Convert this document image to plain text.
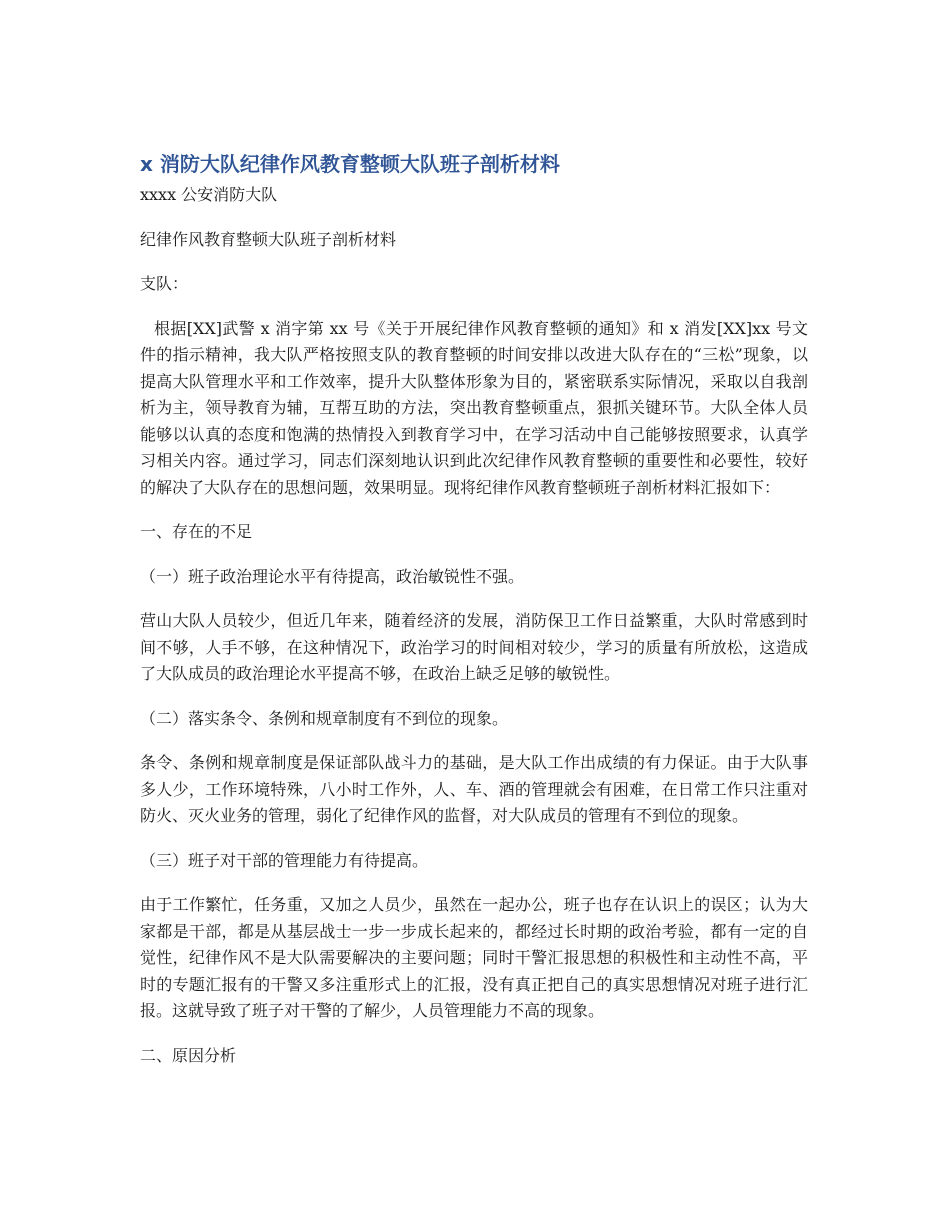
x 消防大队纪律作风教育整顿大队班子剖析材料

xxxx 公安消防大队

纪律作风教育整顿大队班子剖析材料

支队：

根据[XX]武警 x 消字第 xx 号《关于开展纪律作风教育整顿的通知》和 x 消发[XX]xx 号文件的指示精神，我大队严格按照支队的教育整顿的时间安排以改进大队存在的“三松”现象，以提高大队管理水平和工作效率，提升大队整体形象为目的，紧密联系实际情况，采取以自我剖析为主，领导教育为辅，互帮互助的方法，突出教育整顿重点，狠抓关键环节。大队全体人员能够以认真的态度和饱满的热情投入到教育学习中，在学习活动中自己能够按照要求，认真学习相关内容。通过学习，同志们深刻地认识到此次纪律作风教育整顿的重要性和必要性，较好的解决了大队存在的思想问题，效果明显。现将纪律作风教育整顿班子剖析材料汇报如下：

一、存在的不足

（一）班子政治理论水平有待提高，政治敏锐性不强。

营山大队人员较少，但近几年来，随着经济的发展，消防保卫工作日益繁重，大队时常感到时间不够，人手不够，在这种情况下，政治学习的时间相对较少，学习的质量有所放松，这造成了大队成员的政治理论水平提高不够，在政治上缺乏足够的敏锐性。

（二）落实条令、条例和规章制度有不到位的现象。

条令、条例和规章制度是保证部队战斗力的基础，是大队工作出成绩的有力保证。由于大队事多人少，工作环境特殊，八小时工作外，人、车、酒的管理就会有困难，在日常工作只注重对防火、灭火业务的管理，弱化了纪律作风的监督，对大队成员的管理有不到位的现象。

（三）班子对干部的管理能力有待提高。

由于工作繁忙，任务重，又加之人员少，虽然在一起办公，班子也存在认识上的误区；认为大家都是干部，都是从基层战士一步一步成长起来的，都经过长时期的政治考验，都有一定的自觉性，纪律作风不是大队需要解决的主要问题；同时干警汇报思想的积极性和主动性不高，平时的专题汇报有的干警又多注重形式上的汇报，没有真正把自己的真实思想情况对班子进行汇报。这就导致了班子对干警的了解少，人员管理能力不高的现象。

二、原因分析
